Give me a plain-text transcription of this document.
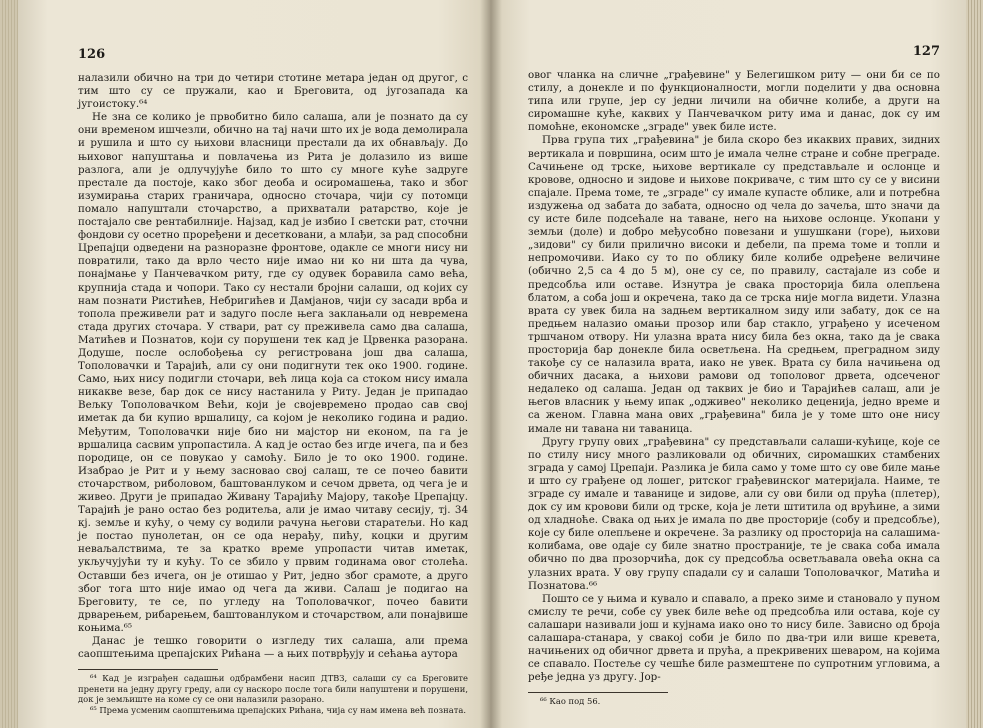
126

налазили обично на три до четири стотине метара један од другог, с тим што су се пружали, као и Бреговита, од југозапада ка југоистоку.⁶⁴

Не зна се колико је првобитно било салаша, али је познато да су они временом ишчезли, обично на тај начи што их је вода демолирала и рушила и што су њихови власници престали да их обнављају. До њиховог напуштања и повлачења из Рита је долазило из више разлога, али је одлучујуће било то што су многе куће задруге престале да постоје, како због деоба и осиромашења, тако и због изумирања старих граничара, односно сточара, чији су потомци помало напуштали сточарство, а прихватали ратарство, које је постајало све рентабилније. Најзад, кад је избио I светски рат, сточни фондови су осетно проређени и десетковани, а млађи, за рад способни Црепајци одведени на разноразне фронтове, одакле се многи нису ни повратили, тако да врло често није имао ни ко ни шта да чува, понајмање у Панчевачком риту, где су одувек боравила само већа, крупнија стада и чопори. Тако су нестали бројни салаши, од којих су нам познати Ристићев, Небригићев и Дамјанов, чији су засади врба и топола преживели рат и задуго после њега заклањали од невремена стада других сточара. У ствари, рат су преживела само два салаша, Матићев и Познатов, који су порушени тек кад је Црвенка разорана. Додуше, после ослобођења су регистрована још два салаша, Тополовачки и Тарајић, али су они подигнути тек око 1900. године. Само, њих нису подигли сточари, већ лица која са стоком нису имала никакве везе, бар док се нису настанила у Риту. Један је припадао Вељку Тополовачком Већи, који је својевремено продао сав свој иметак да би купио вршалицу, са којом је неколико година и радио. Међутим, Тополовачки није био ни мајстор ни економ, па га је вршалица сасвим упропастила. А кад је остао без игде ичега, па и без породице, он се повукао у самоћу. Било је то око 1900. године. Изабрао је Рит и у њему засновао свој салаш, те се почео бавити сточарством, риболовом, баштованлуком и сечом дрвета, од чега је и живео. Други је припадао Живану Тарајићу Мајору, такође Црепајцу. Тарајић је рано остао без родитеља, али је имао читаву сесију, тј. 34 кј. земље и кућу, о чему су водили рачуна његови старатељи. Но кад је постао пунолетан, он се ода нерађу, пићу, коцки и другим неваљалствима, те за кратко време упропасти читав иметак, укључујући ту и кућу. То се збило у првим годинама овог столећа. Оставши без ичега, он је отишао у Рит, једно због срамоте, а друго због тога што није имао од чега да живи. Салаш је подигао на Бреговиту, те се, по угледу на Тополовачког, почео бавити дрварењем, рибарењем, баштованлуком и сточарством, али понајвише коњима.⁶⁵

Данас је тешко говорити о изгледу тих салаша, али према саопштењима црепајских Рићана — а њих потврђују и сећања аутора

⁶⁴ Кад је изграђен садашњи одбрамбени насип ДТВЗ, салаши су са Бреговите пренети на једну другу греду, али су наскоро после тога били напуштени и порушени, док је земљиште на коме су се они налазили разорано.

⁶⁵ Према усменим саопштењима црепајских Рићана, чија су нам имена већ позната.

127

овог чланка на сличне „грађевине" у Белегишком риту — они би се по стилу, а донекле и по функционалности, могли поделити у два основна типа или групе, јер су једни личили на обичне колибе, а други на сиромашне куће, каквих у Панчевачком риту има и данас, док су им помоћне, економске „зграде" увек биле исте.

Прва група тих „грађевина" је била скоро без икаквих правих, зидних вертикала и површина, осим што је имала челне стране и собне преграде. Сачињене од трске, њихове вертикале су представљале и ослонце и кровове, односно и зидове и њихове покриваче, с тим што су се у висини спајале. Према томе, те „зграде" су имале купасте облике, али и потребна издужења од забата до забата, односно од чела до зачеља, што значи да су исте биле подсећале на таване, него на њихове ослонце. Укопани у земљи (доле) и добро међусобно повезани и ушушкани (горе), њихови „зидови" су били прилично високи и дебели, па према томе и топли и непромочиви. Иако су то по облику биле колибе одређене величине (обично 2,5 са 4 до 5 м), оне су се, по правилу, састајале из собе и предсобља или оставе. Изнутра је свака просторија била олепљена блатом, а соба још и окречена, тако да се трска није могла видети. Улазна врата су увек била на задњем вертикалном зиду или забату, док се на предњем налазио омањи прозор или бар стакло, уграђено у исеченом тршчаном отвору. Ни улазна врата нису била без окна, тако да је свака просторија бар донекле била осветљена. На средњем, преградном зиду такође су се налазила врата, иако не увек. Врата су била начињена од обичних дасака, а њихови рамови од тополовог дрвета, одсеченог недалеко од салаша. Један од таквих је био и Тарајићев салаш, али је његов власник у њему ипак „одживео" неколико деценија, једно време и са женом. Главна мана ових „грађевина" била је у томе што оне нису имале ни тавана ни таваница.

Другу групу ових „грађевина" су представљали салаши-кућице, које се по стилу нису много разликовали од обичних, сиромашких стамбених зграда у самој Црепаји. Разлика је била само у томе што су ове биле мање и што су грађене од лошег, ритског грађевинског материјала. Наиме, те зграде су имале и таванице и зидове, али су ови били од прућа (плетер), док су им кровови били од трске, која је лети штитила од врућине, а зими од хладноће. Свака од њих је имала по две просторије (собу и предсобље), које су биле олепљене и окречене. За разлику од просторија на салашима-колибама, ове одаје су биле знатно пространије, те је свака соба имала обично по два прозорчића, док су предсобља осветљавала овећа окна са улазних врата. У ову групу спадали су и салаши Тополовачког, Матића и Познатова.⁶⁶

Пошто се у њима и кувало и спавало, а преко зиме и становало у пуном смислу те речи, собе су увек биле веће од предсобља или остава, које су салашари називали још и кујнама иако оно то нису биле. Зависно од броја салашара-станара, у свакој соби је било по два-три или више кревета, начињених од обичног дрвета и прућа, а прекривених шеваром, на којима се спавало. Постеље су чешће биле размештене по супротним угловима, а ређе једна уз другу. Јор-

⁶⁶ Као под 56.
